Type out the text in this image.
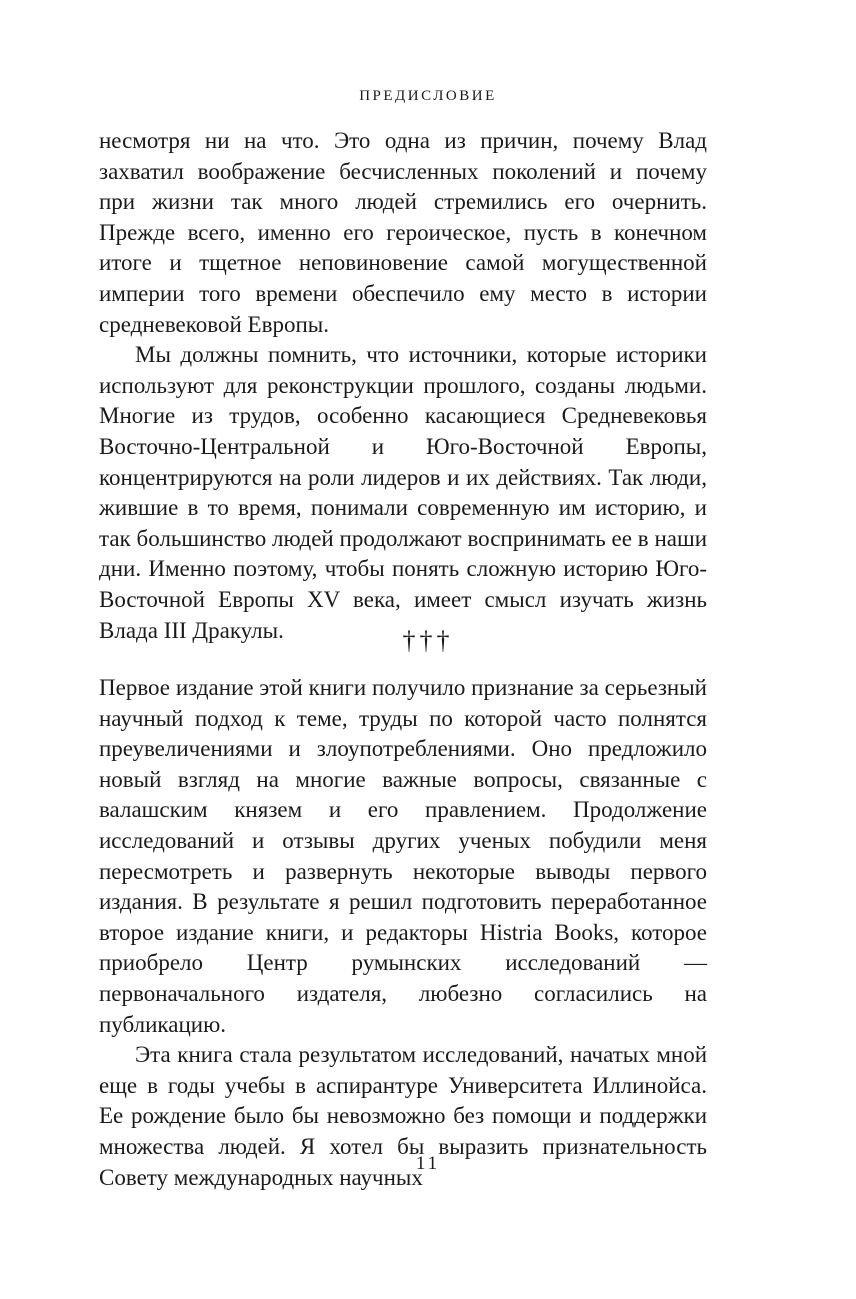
ПРЕДИСЛОВИЕ

несмотря ни на что. Это одна из причин, почему Влад захватил воображение бесчисленных поколений и почему при жизни так много людей стремились его очернить. Прежде всего, именно его героическое, пусть в конечном итоге и тщетное неповиновение самой могущественной империи того времени обеспечило ему место в истории средневековой Европы.

Мы должны помнить, что источники, которые историки используют для реконструкции прошлого, созданы людьми. Многие из трудов, особенно касающиеся Средневековья Восточно-Центральной и Юго-Восточной Европы, концентрируются на роли лидеров и их действиях. Так люди, жившие в то время, понимали современную им историю, и так большинство людей продолжают воспринимать ее в наши дни. Именно поэтому, чтобы понять сложную историю Юго-Восточной Европы XV века, имеет смысл изучать жизнь Влада III Дракулы.	†††

Первое издание этой книги получило признание за серьезный научный подход к теме, труды по которой часто полнятся преувеличениями и злоупотреблениями. Оно предложило новый взгляд на многие важные вопросы, связанные с валашским князем и его правлением. Продолжение исследований и отзывы других ученых побудили меня пересмотреть и развернуть некоторые выводы первого издания. В результате я решил подготовить переработанное второе издание книги, и редакторы Histria Books, которое приобрело Центр румынских исследований — первоначального издателя, любезно согласились на публикацию.

Эта книга стала результатом исследований, начатых мной еще в годы учебы в аспирантуре Университета Иллинойса. Ее рождение было бы невозможно без помощи и поддержки множества людей. Я хотел бы выразить признательность Совету международных научных

11
